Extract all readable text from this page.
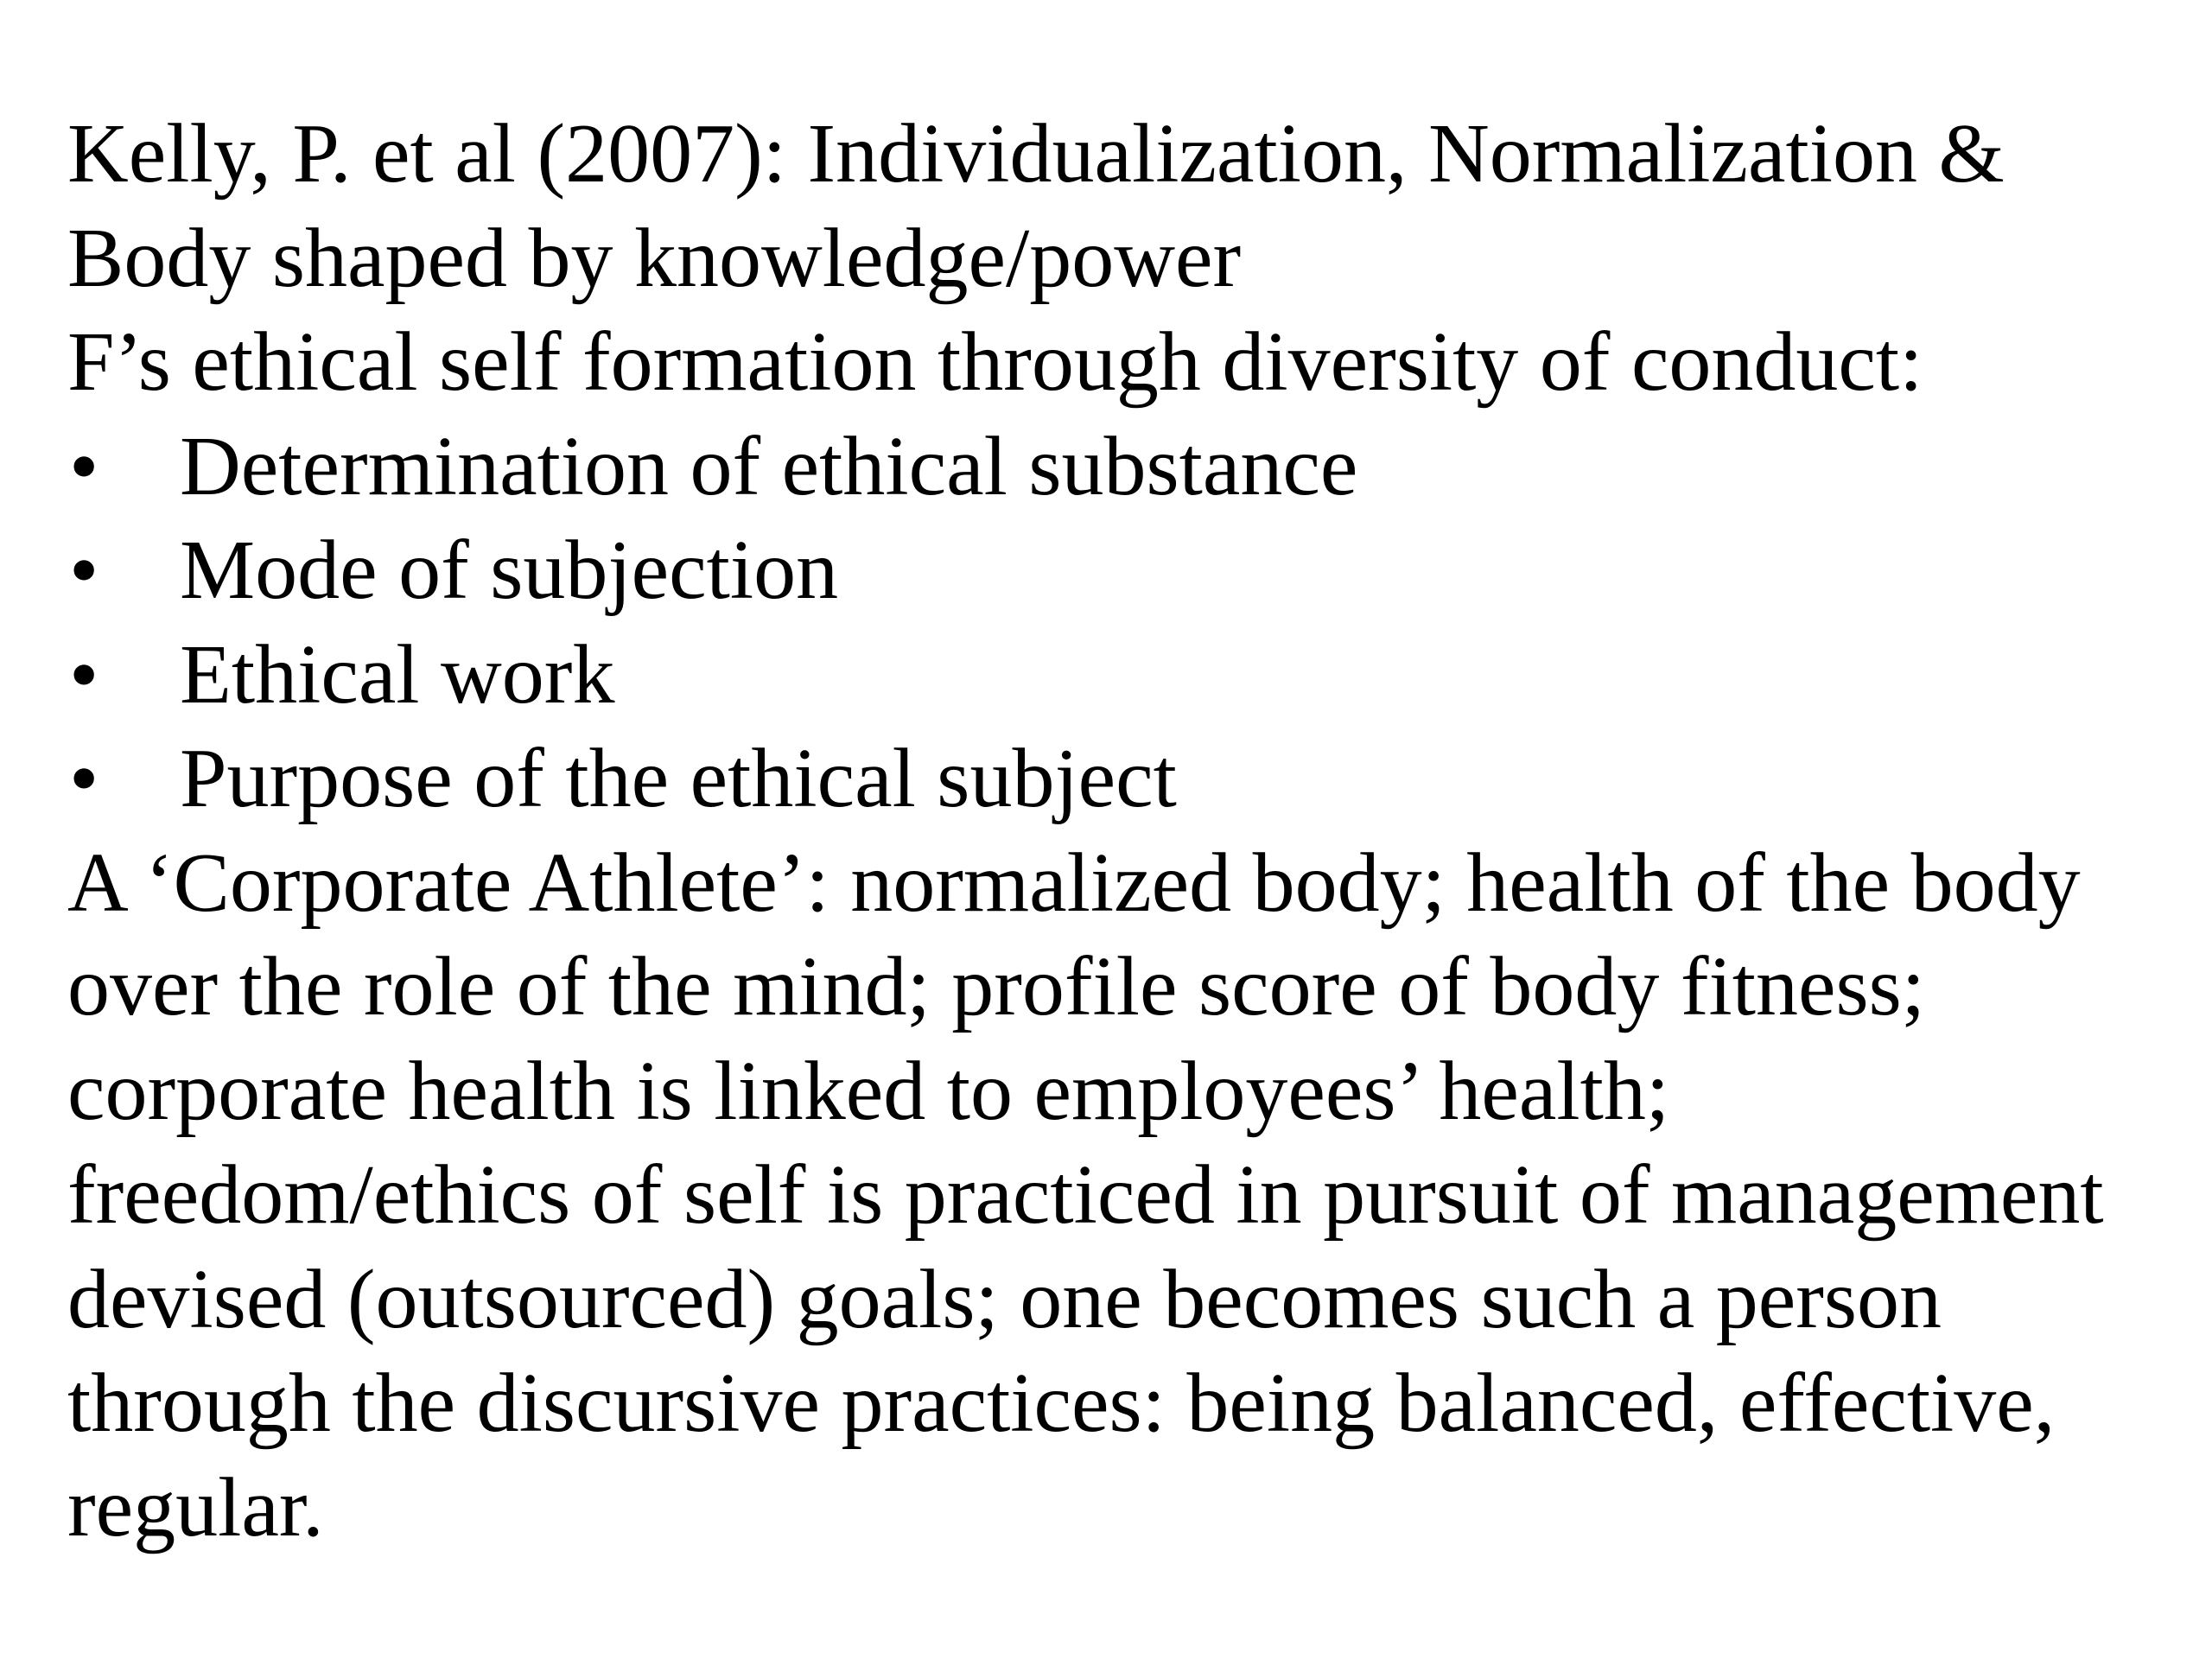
Kelly, P. et al (2007): Individualization, Normalization & Body shaped by knowledge/power

F’s ethical self formation through diversity of conduct:

• Determination of ethical substance
• Mode of subjection
• Ethical work
• Purpose of the ethical subject

A ‘Corporate Athlete’: normalized body; health of the body over the role of the mind; profile score of body fitness; corporate health is linked to employees’ health; freedom/ethics of self is practiced in pursuit of management devised (outsourced) goals; one becomes such a person through the discursive practices: being balanced, effective, regular.
